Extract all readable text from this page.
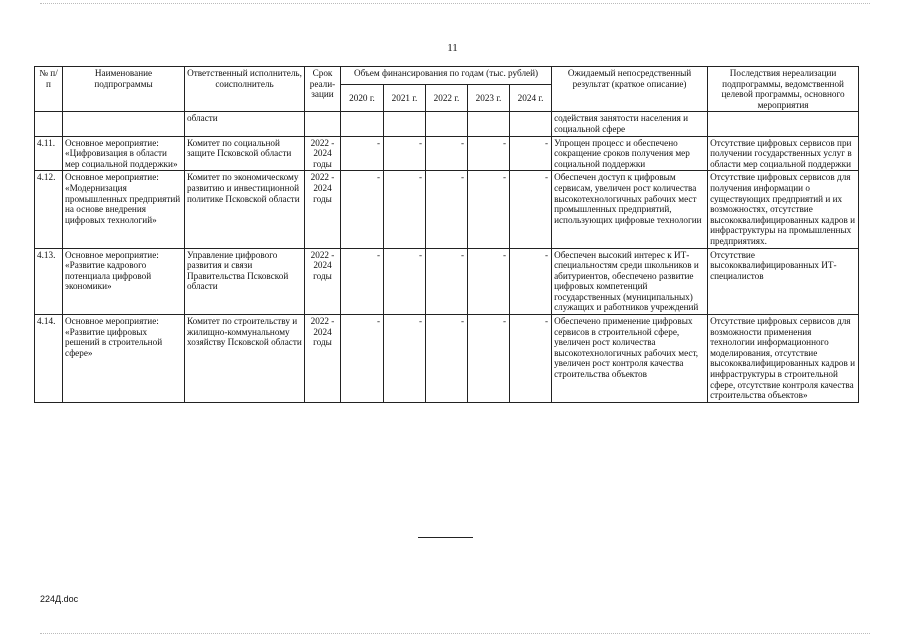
11
№ п/п	Наименование подпрограммы	Ответственный исполнитель, соисполнитель	Срок реали-зации	Объем финансирования по годам (тыс. рублей)					Ожидаемый непосредственный результат (краткое описание)	Последствия нереализации подпрограммы, ведомственной целевой программы, основного мероприятия
				2020 г.	2021 г.	2022 г.	2023 г.	2024 г.		
		области							содействия занятости населения и социальной сфере	
4.11.	Основное мероприятие: «Цифровизация в области мер социальной поддержки»	Комитет по социальной защите Псковской области	2022 - 2024 годы	-	-	-	-	-	Упрощен процесс и обеспечено сокращение сроков получения мер социальной поддержки	Отсутствие цифровых сервисов при получении государственных услуг в области мер социальной поддержки
4.12.	Основное мероприятие: «Модернизация промышленных предприятий на основе внедрения цифровых технологий»	Комитет по экономическому развитию и инвестиционной политике Псковской области	2022 - 2024 годы	-	-	-	-	-	Обеспечен доступ к цифровым сервисам, увеличен рост количества высокотехнологичных рабочих мест промышленных предприятий, использующих цифровые технологии	Отсутствие цифровых сервисов для получения информации о существующих предприятий и их возможностях, отсутствие высококвалифицированных кадров и инфраструктуры на промышленных предприятиях.
4.13.	Основное мероприятие: «Развитие кадрового потенциала цифровой экономики»	Управление цифрового развития и связи Правительства Псковской области	2022 - 2024 годы	-	-	-	-	-	Обеспечен высокий интерес к ИТ-специальностям среди школьников и абитуриентов, обеспечено развитие цифровых компетенций государственных (муниципальных) служащих и работников учреждений	Отсутствие высококвалифицированных ИТ-специалистов
4.14.	Основное мероприятие: «Развитие цифровых решений в строительной сфере»	Комитет по строительству и жилищно-коммунальному хозяйству Псковской области	2022 - 2024 годы	-	-	-	-	-	Обеспечено применение цифровых сервисов в строительной сфере, увеличен рост количества высокотехнологичных рабочих мест, увеличен рост контроля качества строительства объектов	Отсутствие цифровых сервисов для возможности применения технологии информационного моделирования, отсутствие высококвалифицированных кадров и инфраструктуры в строительной сфере, отсутствие контроля качества строительства объектов»
224Д.doc
